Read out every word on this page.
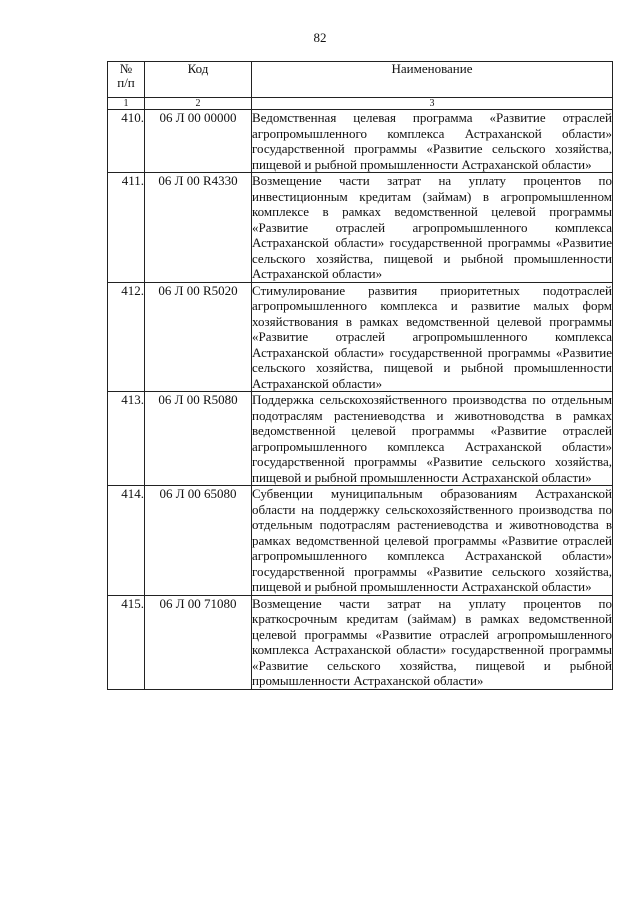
82
№
п/п	Код	Наименование
1	2	3
410.	06 Л 00 00000	Ведомственная целевая программа «Развитие отраслей агропромышленного комплекса Астраханской области» государственной программы «Развитие сельского хозяйства, пищевой и рыбной промышленности Астраханской области»
411.	06 Л 00 R4330	Возмещение части затрат на уплату процентов по инвестиционным кредитам (займам) в агропромышленном комплексе в рамках ведомственной целевой программы «Развитие отраслей агропромышленного комплекса Астраханской области» государственной программы «Развитие сельского хозяйства, пищевой и рыбной промышленности Астраханской области»
412.	06 Л 00 R5020	Стимулирование развития приоритетных подотраслей агропромышленного комплекса и развитие малых форм хозяйствования в рамках ведомственной целевой программы «Развитие отраслей агропромышленного комплекса Астраханской области» государственной программы «Развитие сельского хозяйства, пищевой и рыбной промышленности Астраханской области»
413.	06 Л 00 R5080	Поддержка сельскохозяйственного производства по отдельным подотраслям растениеводства и животноводства в рамках ведомственной целевой программы «Развитие отраслей агропромышленного комплекса Астраханской области» государственной программы «Развитие сельского хозяйства, пищевой и рыбной промышленности Астраханской области»
414.	06 Л 00 65080	Субвенции муниципальным образованиям Астраханской области на поддержку сельскохозяйственного производства по отдельным подотраслям растениеводства и животноводства в рамках ведомственной целевой программы «Развитие отраслей агропромышленного комплекса Астраханской области» государственной программы «Развитие сельского хозяйства, пищевой и рыбной промышленности Астраханской области»
415.	06 Л 00 71080	Возмещение части затрат на уплату процентов по краткосрочным кредитам (займам) в рамках ведомственной целевой программы «Развитие отраслей агропромышленного комплекса Астраханской области» государственной программы «Развитие сельского хозяйства, пищевой и рыбной промышленности Астраханской области»
